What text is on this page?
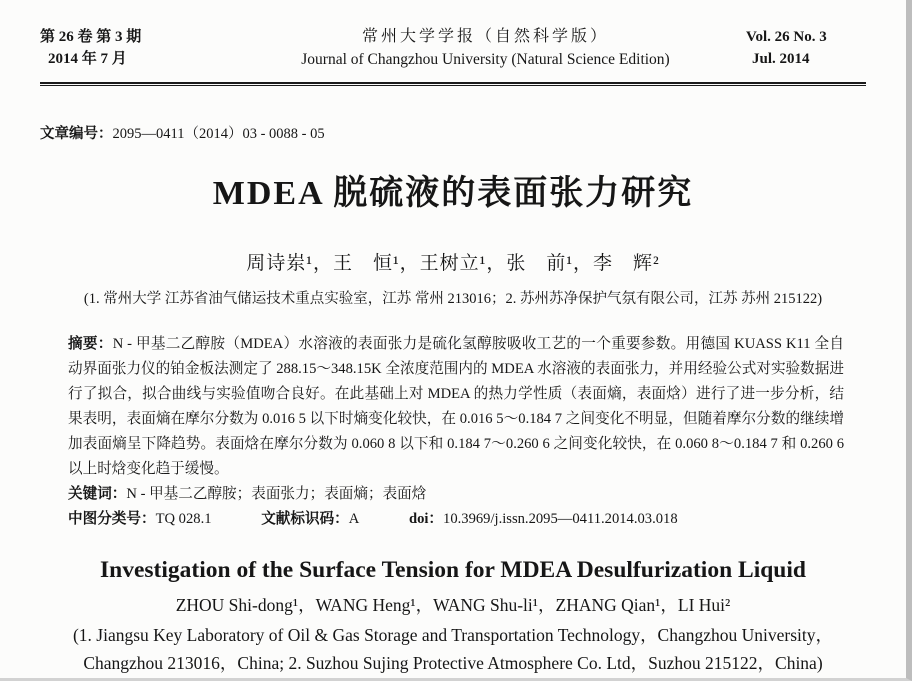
第 26 卷 第 3 期
2014 年 7 月
常州大学学报（自然科学版）
Journal of Changzhou University (Natural Science Edition)
Vol. 26 No. 3
Jul. 2014
文章编号：2095—0411（2014）03 - 0088 - 05
MDEA 脱硫液的表面张力研究
周诗岽¹，王　恒¹，王树立¹，张　前¹，李　辉²
(1. 常州大学 江苏省油气储运技术重点实验室，江苏 常州 213016；2. 苏州苏净保护气氛有限公司，江苏 苏州 215122)

摘要：N - 甲基二乙醇胺（MDEA）水溶液的表面张力是硫化氢醇胺吸收工艺的一个重要参数。用德国 KUASS K11 全自动界面张力仪的铂金板法测定了 288.15～348.15K 全浓度范围内的 MDEA 水溶液的表面张力，并用经验公式对实验数据进行了拟合，拟合曲线与实验值吻合良好。在此基础上对 MDEA 的热力学性质（表面熵，表面焓）进行了进一步分析，结果表明，表面熵在摩尔分数为 0.016 5 以下时熵变化较快，在 0.016 5～0.184 7 之间变化不明显，但随着摩尔分数的继续增加表面熵呈下降趋势。表面焓在摩尔分数为 0.060 8 以下和 0.184 7～0.260 6 之间变化较快，在 0.060 8～0.184 7 和 0.260 6 以上时焓变化趋于缓慢。

关键词：N - 甲基二乙醇胺；表面张力；表面熵；表面焓
中图分类号：TQ 028.1	文献标识码：A	doi：10.3969/j.issn.2095—0411.2014.03.018
Investigation of the Surface Tension for MDEA Desulfurization Liquid
ZHOU Shi-dong¹，WANG Heng¹，WANG Shu-li¹，ZHANG Qian¹，LI Hui²
(1. Jiangsu Key Laboratory of Oil & Gas Storage and Transportation Technology，Changzhou University，Changzhou 213016，China; 2. Suzhou Sujing Protective Atmosphere Co. Ltd，Suzhou 215122，China)
